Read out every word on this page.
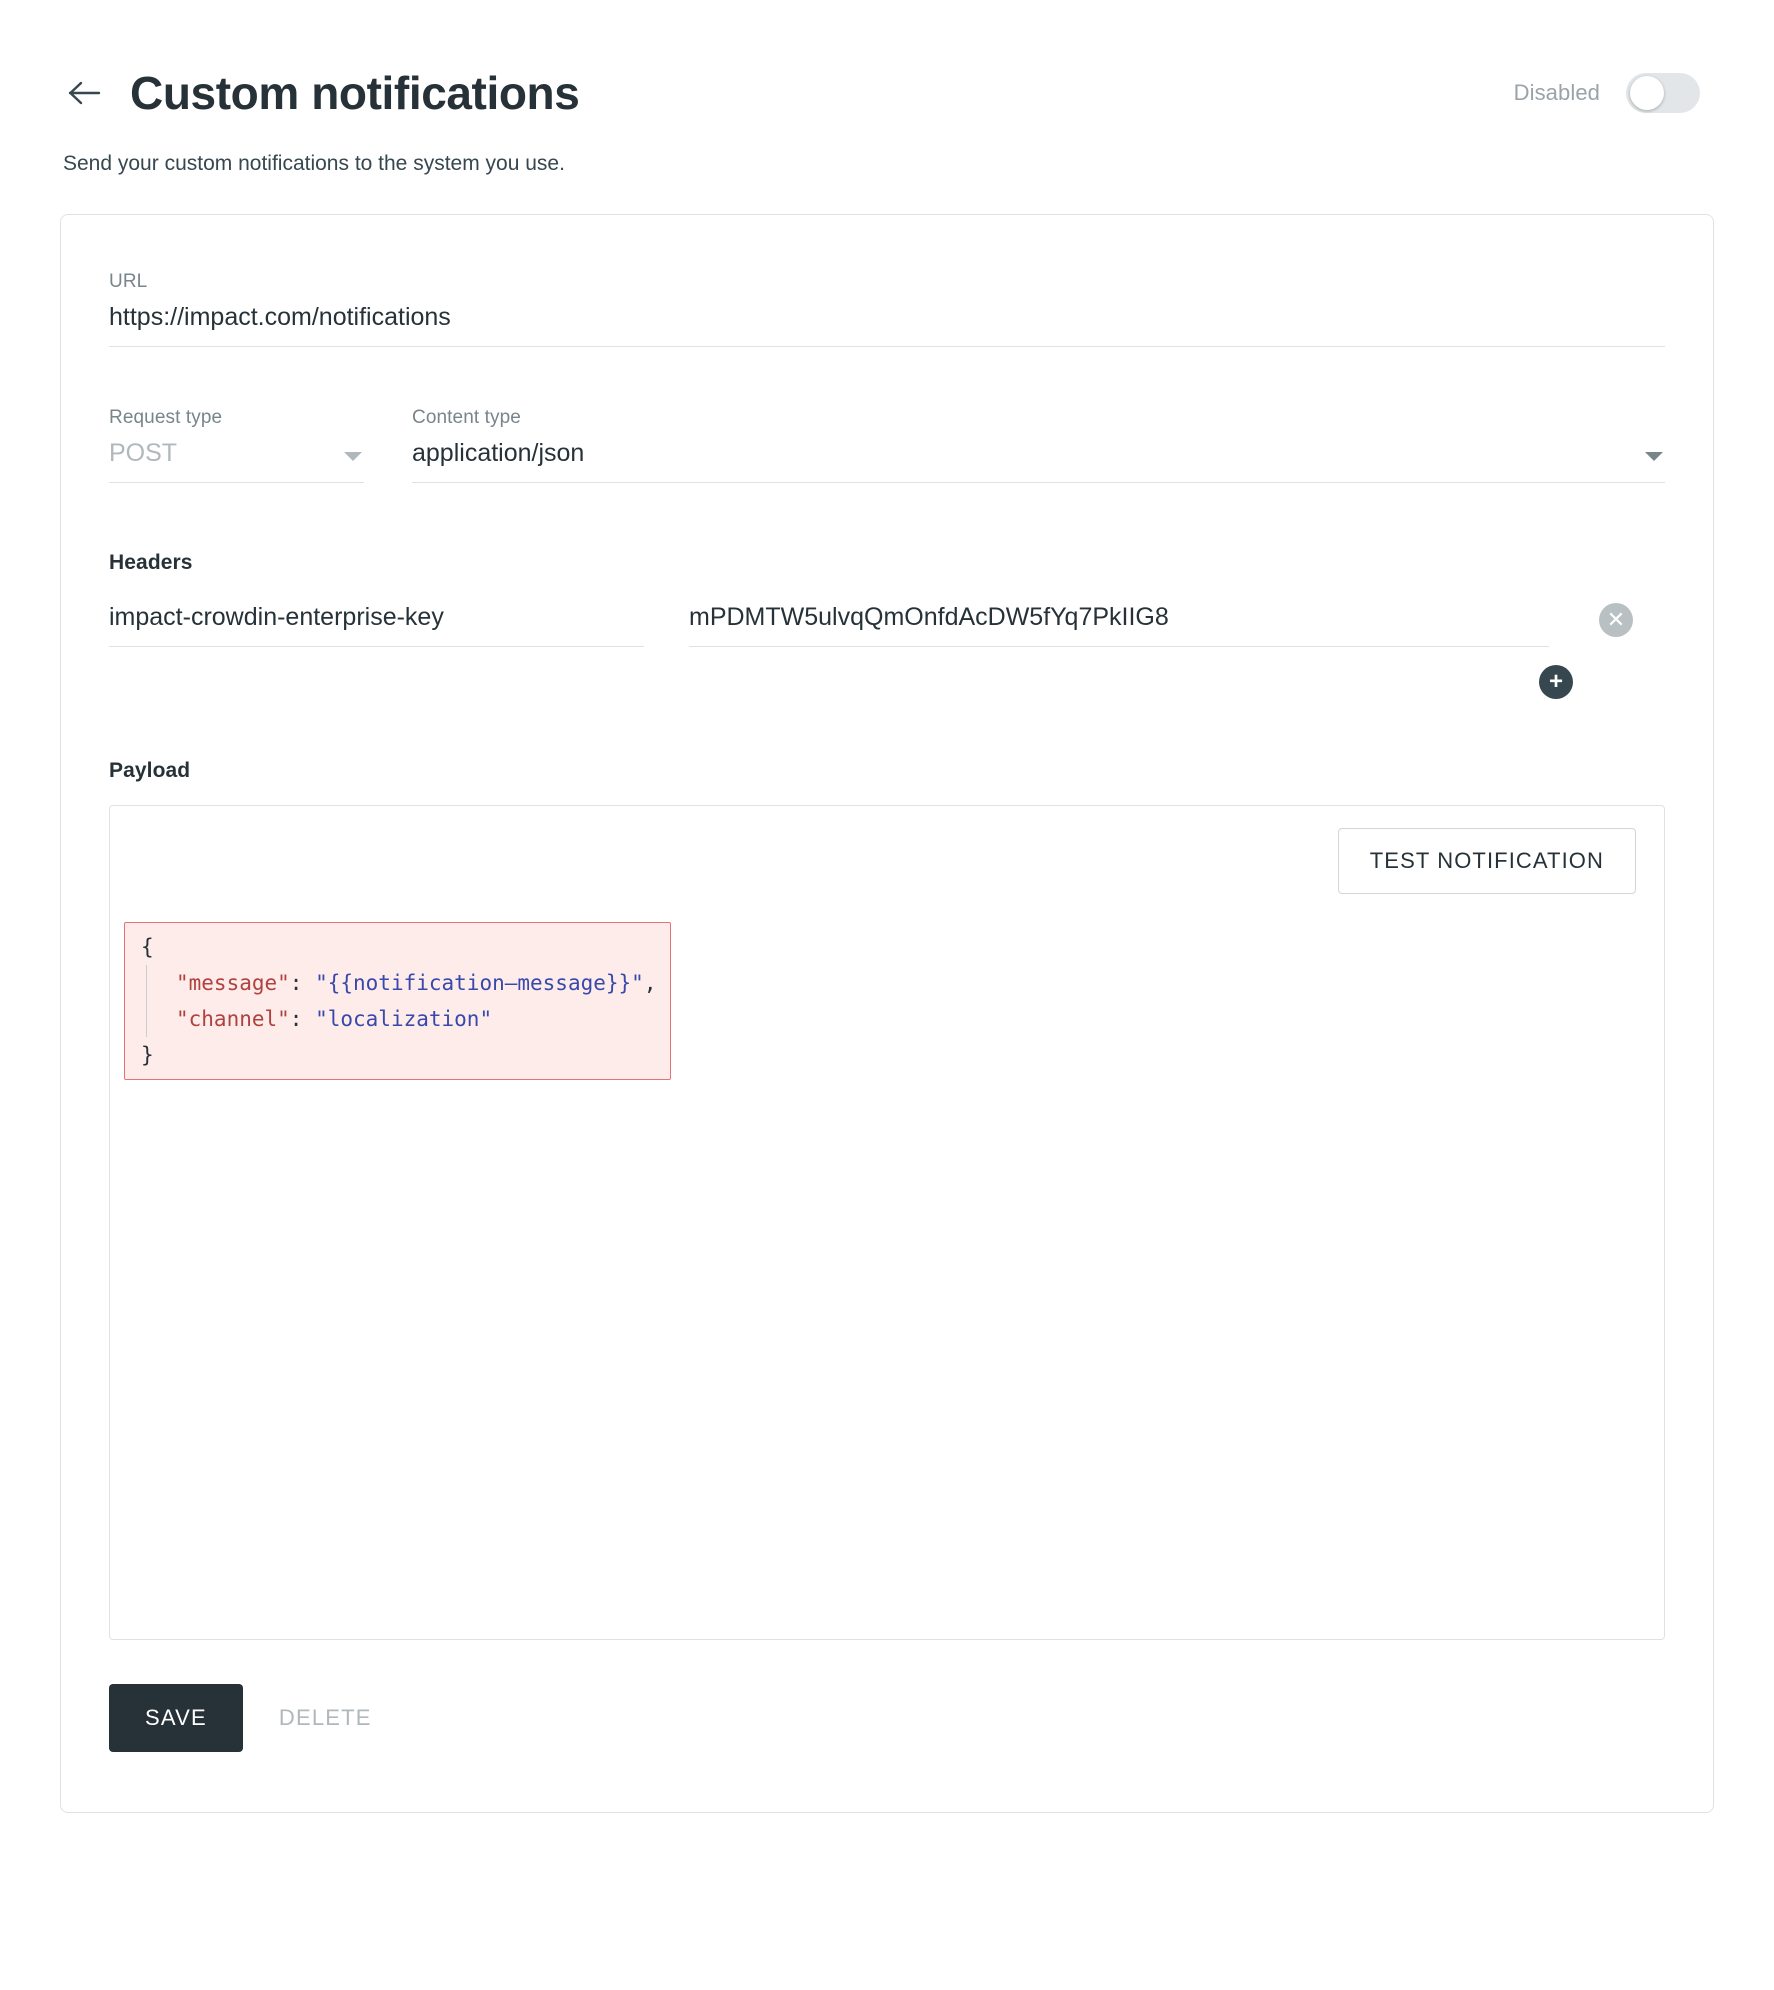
Custom notifications	Disabled
Send your custom notifications to the system you use.
URL
https://impact.com/notifications
Request type
POST
Content type
application/json
Headers
impact-crowdin-enterprise-key	mPDMTW5ulvqQmOnfdAcDW5fYq7PkIIG8	✕
+
Payload
TEST NOTIFICATION
{
"message": "{{notification—message}}",
"channel": "localization"
}
SAVE	DELETE
